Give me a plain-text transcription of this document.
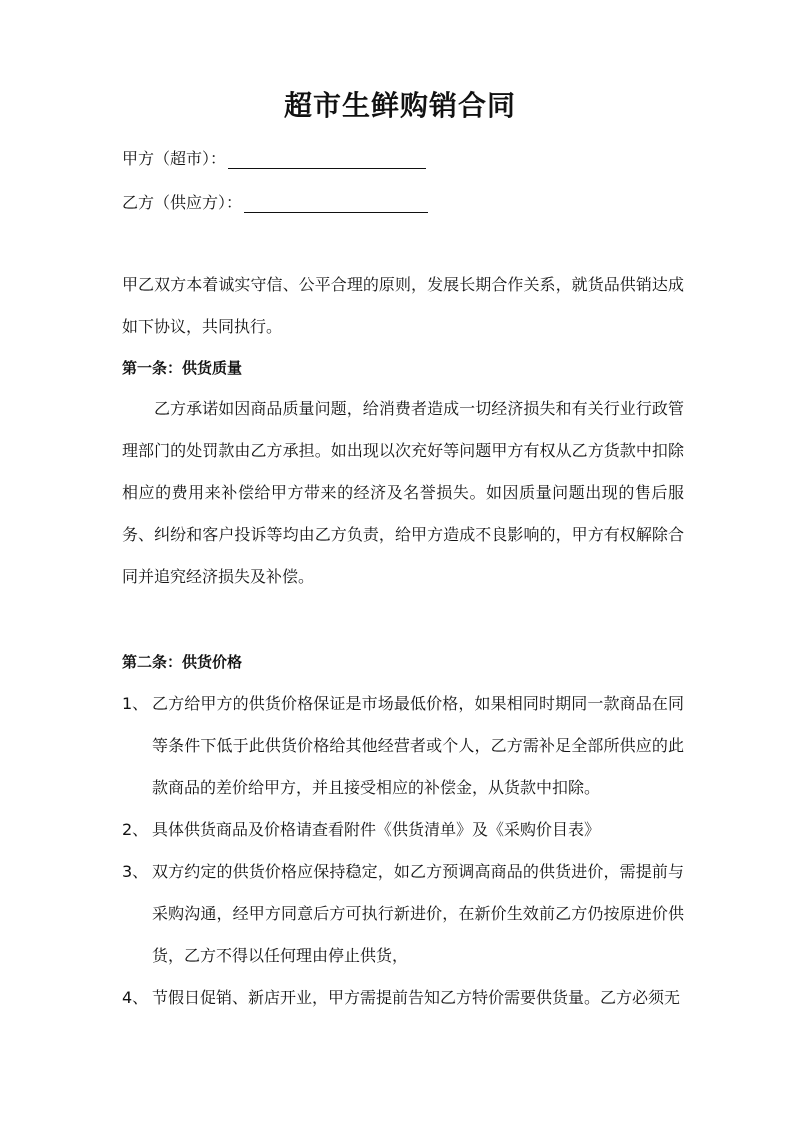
超市生鲜购销合同
甲方（超市）：
乙方（供应方）：
甲乙双方本着诚实守信、公平合理的原则，发展长期合作关系，就货品供销达成如下协议，共同执行。
第一条：供货质量
乙方承诺如因商品质量问题，给消费者造成一切经济损失和有关行业行政管理部门的处罚款由乙方承担。如出现以次充好等问题甲方有权从乙方货款中扣除相应的费用来补偿给甲方带来的经济及名誉损失。如因质量问题出现的售后服务、纠纷和客户投诉等均由乙方负责，给甲方造成不良影响的，甲方有权解除合同并追究经济损失及补偿。
第二条：供货价格
1、 乙方给甲方的供货价格保证是市场最低价格，如果相同时期同一款商品在同等条件下低于此供货价格给其他经营者或个人，乙方需补足全部所供应的此款商品的差价给甲方，并且接受相应的补偿金，从货款中扣除。
2、 具体供货商品及价格请查看附件《供货清单》及《采购价目表》
3、 双方约定的供货价格应保持稳定，如乙方预调高商品的供货进价，需提前与采购沟通，经甲方同意后方可执行新进价，在新价生效前乙方仍按原进价供货，乙方不得以任何理由停止供货，
4、 节假日促销、新店开业，甲方需提前告知乙方特价需要供货量。乙方必须无
